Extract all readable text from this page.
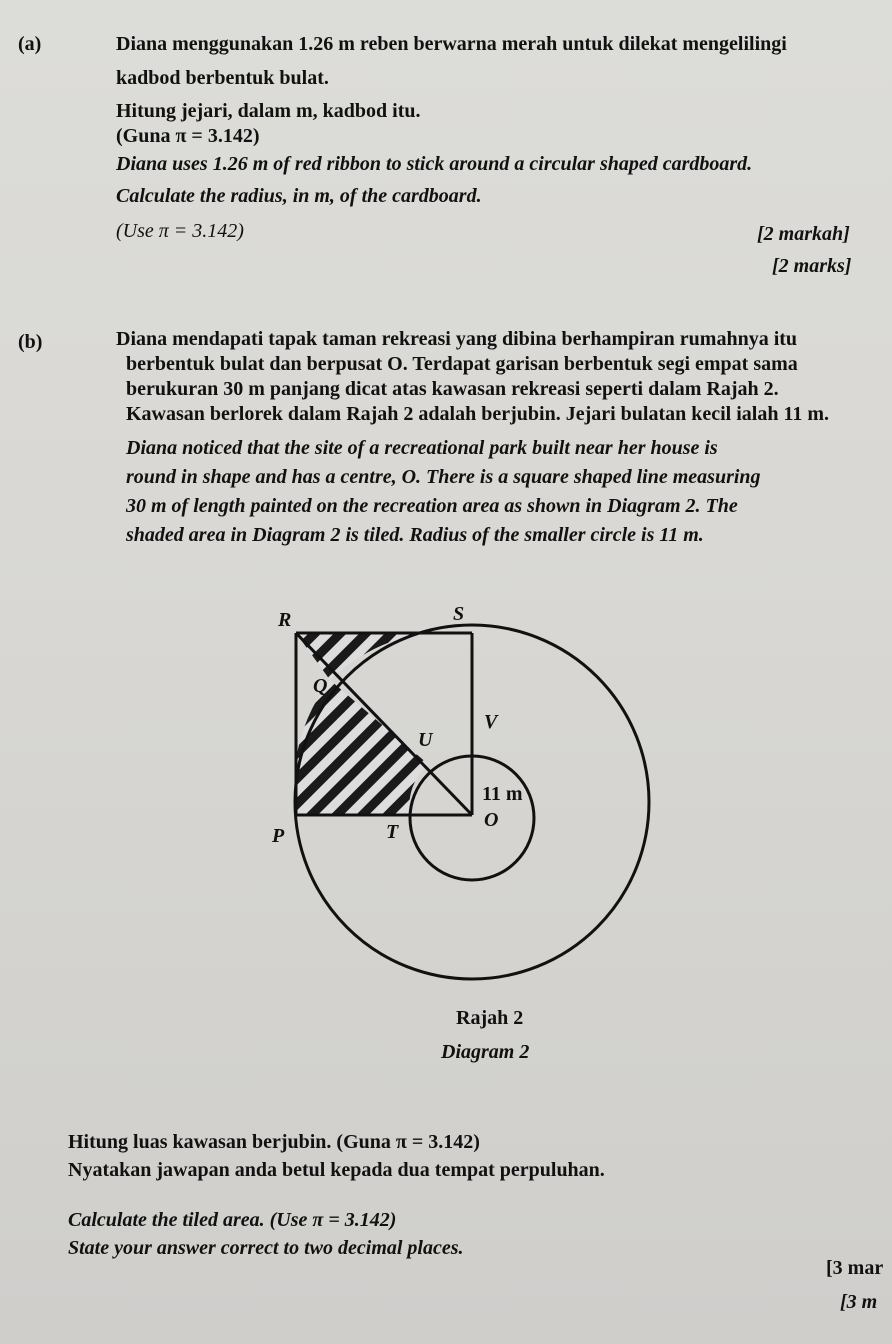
(a)	Diana menggunakan 1.26 m reben berwarna merah untuk dilekat mengelilingi
kadbod berbentuk bulat.
Hitung jejari, dalam m, kadbod itu.
(Guna π = 3.142)
Diana uses 1.26 m of red ribbon to stick around a circular shaped cardboard.
Calculate the radius, in m, of the cardboard.
(Use π = 3.142)	[2 markah]
[2 marks]
(b)	Diana mendapati tapak taman rekreasi yang dibina berhampiran rumahnya itu
berbentuk bulat dan berpusat O. Terdapat garisan berbentuk segi empat sama
berukuran 30 m panjang dicat atas kawasan rekreasi seperti dalam Rajah 2.
Kawasan berlorek dalam Rajah 2 adalah berjubin. Jejari bulatan kecil ialah 11 m.
Diana noticed that the site of a recreational park built near her house is
round in shape and has a centre, O. There is a square shaped line measuring
30 m of length painted on the recreation area as shown in Diagram 2. The
shaded area in Diagram 2 is tiled. Radius of the smaller circle is 11 m.
R	S
Q
U
V
P	T
O
11 m
Rajah 2
Diagram 2
Hitung luas kawasan berjubin. (Guna π = 3.142)
Nyatakan jawapan anda betul kepada dua tempat perpuluhan.
Calculate the tiled area. (Use π = 3.142)
State your answer correct to two decimal places.
[3 mar
[3 m
